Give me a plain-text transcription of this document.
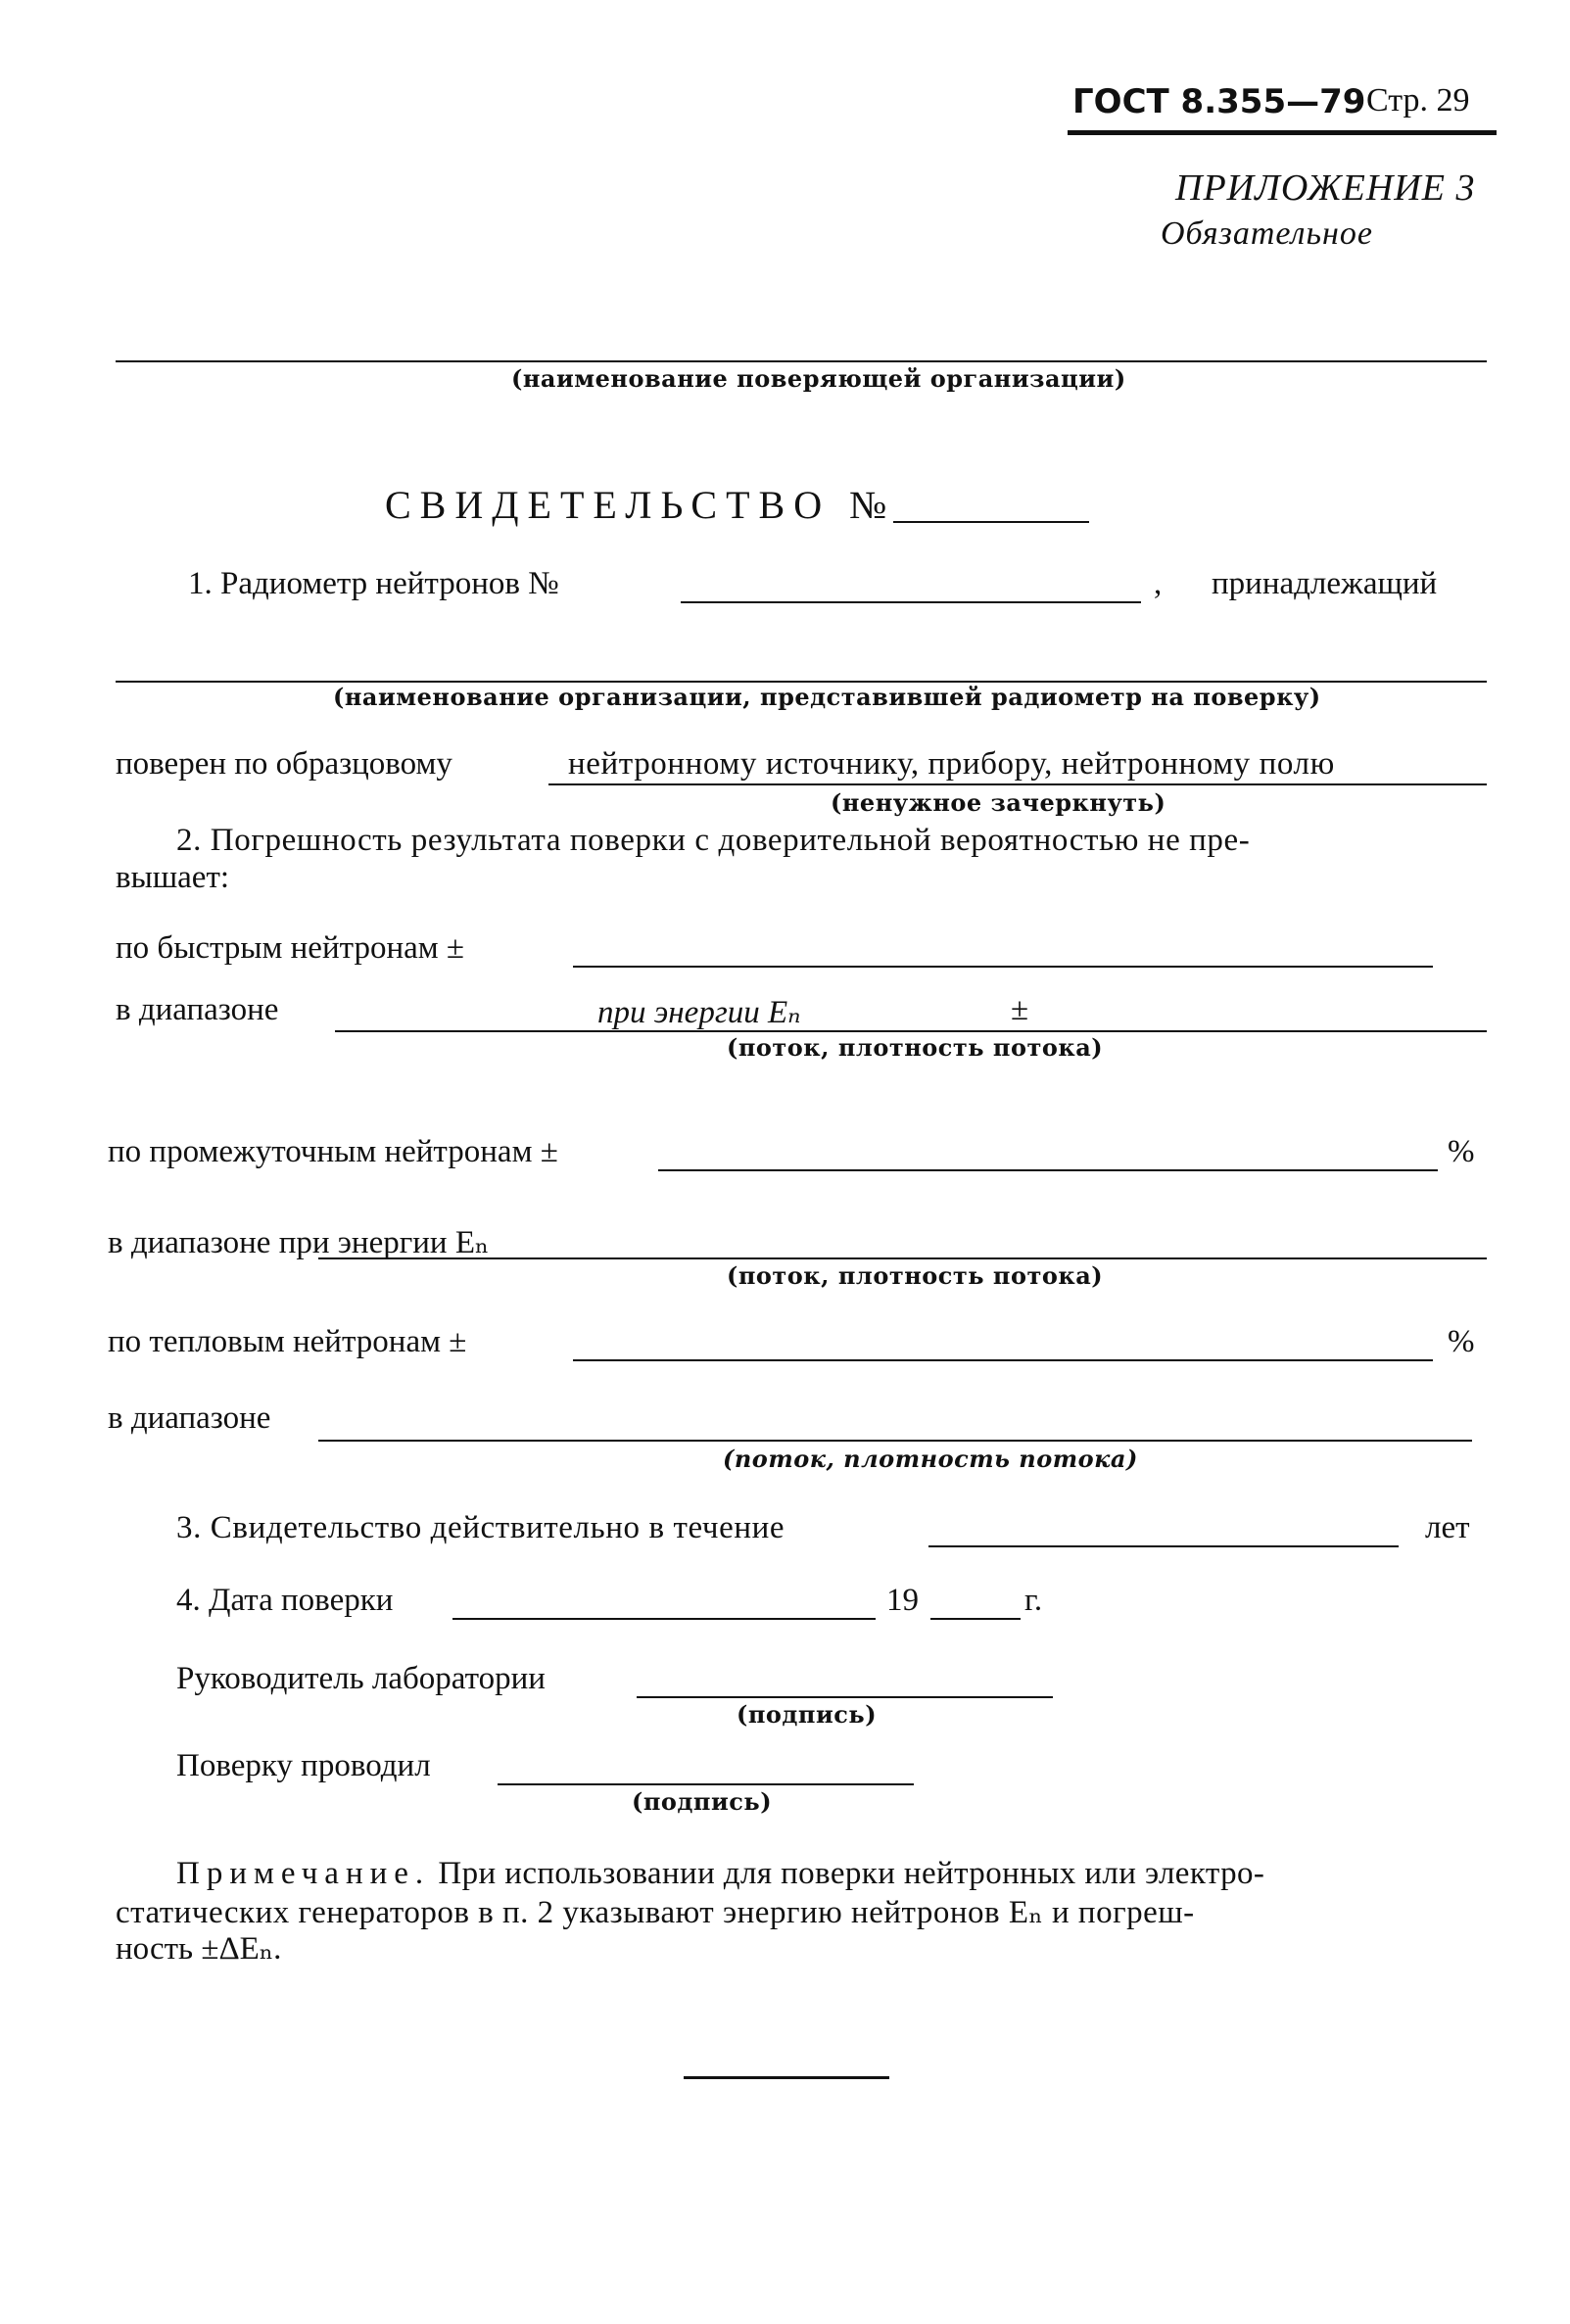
ГОСТ 8.355—79 Стр. 29
ПРИЛОЖЕНИЕ 3
Обязательное
(наименование поверяющей организации)
СВИДЕТЕЛЬСТВО №
1. Радиометр нейтронов №	, принадлежащий
(наименование организации, представившей радиометр на поверку)
поверен по образцовому	нейтронному источнику, прибору, нейтронному полю
(ненужное зачеркнуть)
2. Погрешность результата поверки с доверительной вероятностью не пре-
вышает:
по быстрым нейтронам ±
в диапазоне	при энергии Eₙ	±
(поток, плотность потока)
по промежуточным нейтронам ±	%
в диапазоне при энергии Eₙ
(поток, плотность потока)
по тепловым нейтронам ±	%
в диапазоне
(поток, плотность потока)
3. Свидетельство действительно в течение	лет
4. Дата поверки	19	г.
Руководитель лаборатории
(подпись)
Поверку проводил
(подпись)
Примечание. При использовании для поверки нейтронных или электро-
статических генераторов в п. 2 указывают энергию нейтронов Eₙ и погреш-
ность ±ΔEₙ.
